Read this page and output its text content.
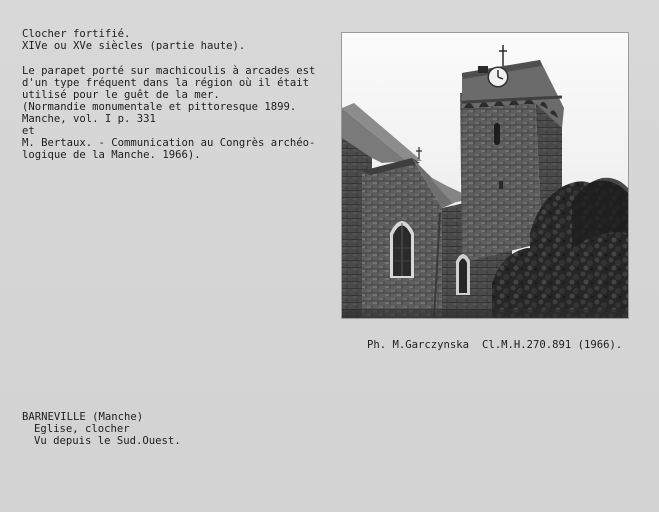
Clocher fortifié.
XIVe ou XVe siècles (partie haute).
Le parapet porté sur machicoulis à arcades est
d'un type fréquent dans la région où il était
utilisé pour le guêt de la mer.
(Normandie monumentale et pittoresque 1899.
Manche, vol. I p. 331
et
M. Bertaux. - Communication au Congrès archéo-
logique de la Manche. 1966).
Ph. M.Garczynska Cl.M.H.270.891 (1966).
BARNEVILLE (Manche)
Eglise, clocher
Vu depuis le Sud.Ouest.
